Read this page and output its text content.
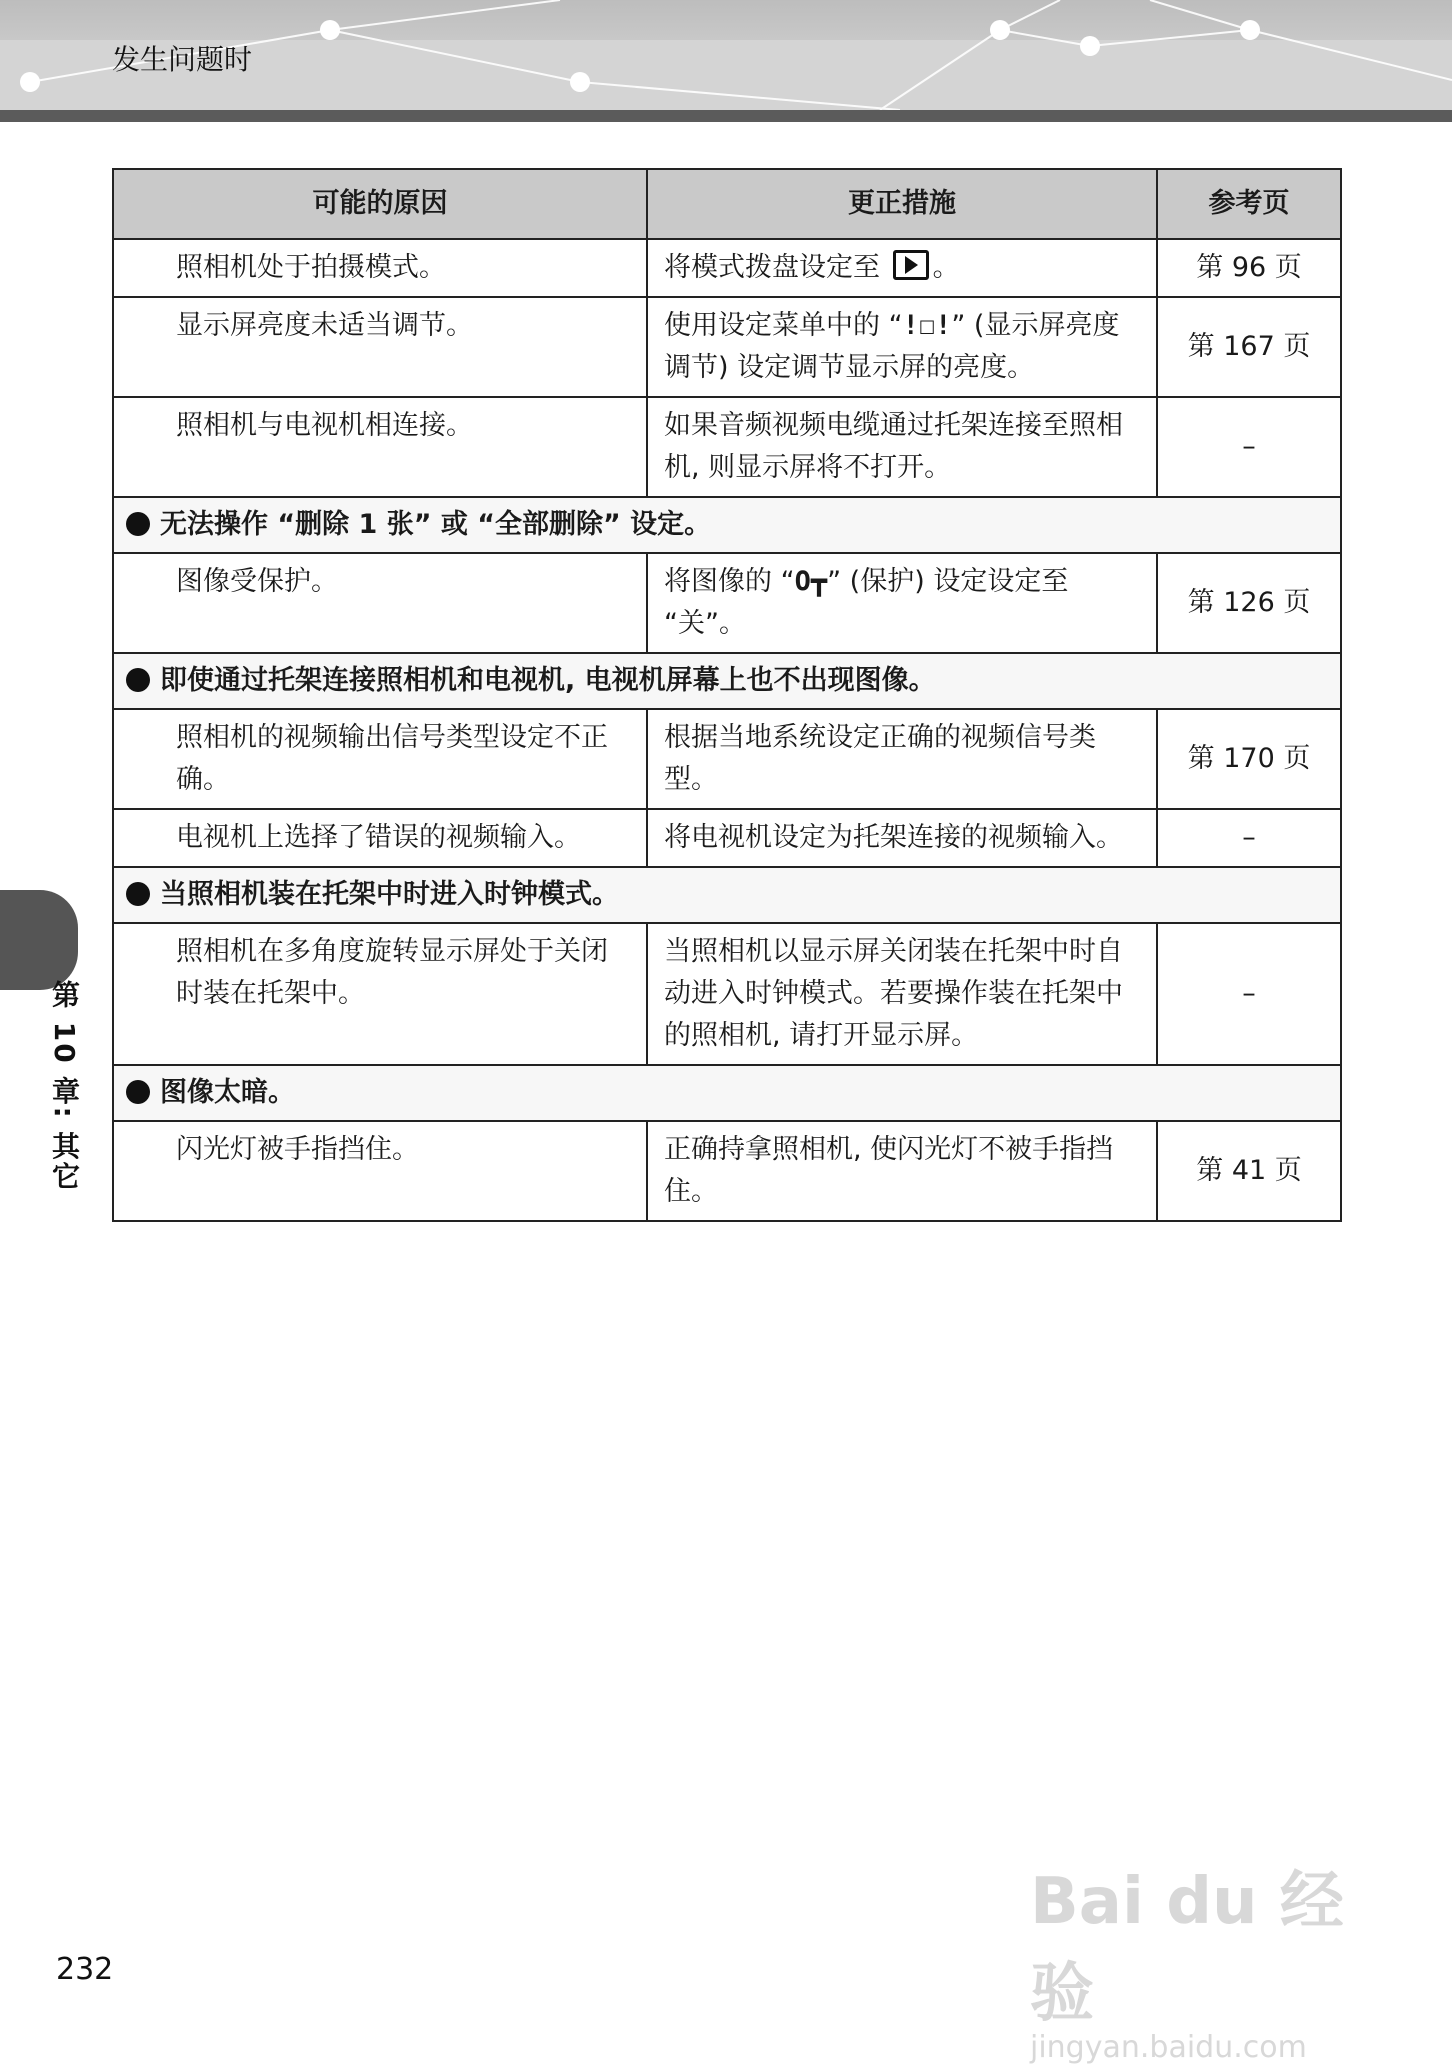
发生问题时
可能的原因	更正措施	参考页
照相机处于拍摄模式。	将模式拨盘设定至 。	第 96 页
显示屏亮度未适当调节。	使用设定菜单中的 “!☐!” (显示屏亮度调节) 设定调节显示屏的亮度。	第 167 页
照相机与电视机相连接。	如果音频视频电缆通过托架连接至照相机, 则显示屏将不打开。	–
无法操作 “删除 1 张” 或 “全部删除” 设定。		
图像受保护。	将图像的 “O┳” (保护) 设定设定至 “关”。	第 126 页
即使通过托架连接照相机和电视机, 电视机屏幕上也不出现图像。		
照相机的视频输出信号类型设定不正确。	根据当地系统设定正确的视频信号类型。	第 170 页
电视机上选择了错误的视频输入。	将电视机设定为托架连接的视频输入。	–
当照相机装在托架中时进入时钟模式。		
照相机在多角度旋转显示屏处于关闭时装在托架中。	当照相机以显示屏关闭装在托架中时自动进入时钟模式。若要操作装在托架中的照相机, 请打开显示屏。	–
图像太暗。		
闪光灯被手指挡住。	正确持拿照相机, 使闪光灯不被手指挡住。	第 41 页
第 10 章: 其它
232
Bai du 经验
jingyan.baidu.com
